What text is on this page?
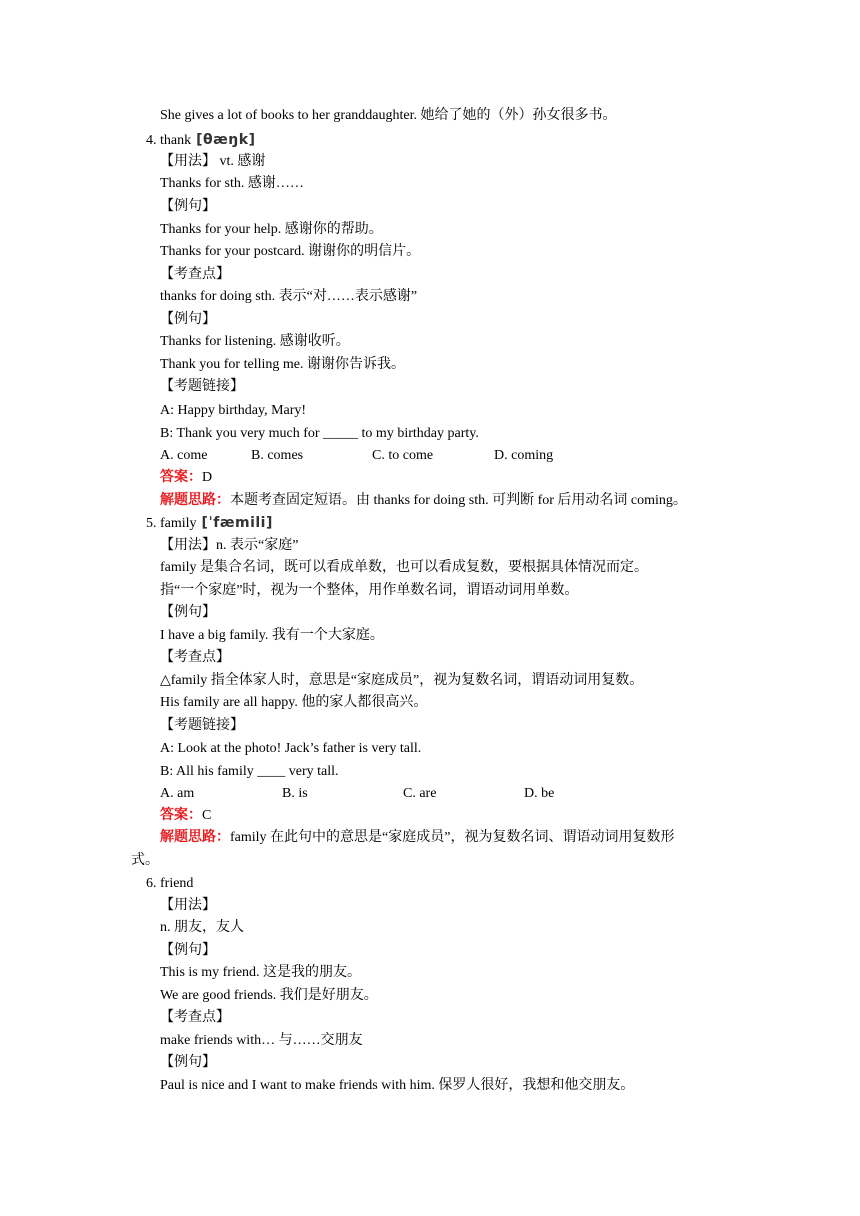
She gives a lot of books to her granddaughter. 她给了她的（外）孙女很多书。
4. thank [θæŋk]
【用法】 vt. 感谢
Thanks for sth. 感谢……
【例句】
Thanks for your help. 感谢你的帮助。
Thanks for your postcard. 谢谢你的明信片。
【考查点】
thanks for doing sth. 表示“对……表示感谢”
【例句】
Thanks for listening. 感谢收听。
Thank you for telling me. 谢谢你告诉我。
【考题链接】
A: Happy birthday, Mary!
B: Thank you very much for _____ to my birthday party.
A. come	B. comes	C. to come	D. coming
答案：D
解题思路：本题考查固定短语。由 thanks for doing sth. 可判断 for 后用动名词 coming。
5. family [ˈfæmili]
【用法】n. 表示“家庭”
family 是集合名词，既可以看成单数，也可以看成复数，要根据具体情况而定。
指“一个家庭”时，视为一个整体，用作单数名词，谓语动词用单数。
【例句】
I have a big family. 我有一个大家庭。
【考查点】
△family 指全体家人时，意思是“家庭成员”，视为复数名词，谓语动词用复数。
His family are all happy. 他的家人都很高兴。
【考题链接】
A: Look at the photo! Jack’s father is very tall.
B: All his family ____ very tall.
A. am	B. is	C. are	D. be
答案：C
解题思路：family 在此句中的意思是“家庭成员”，视为复数名词、谓语动词用复数形
式。
6. friend
【用法】
n. 朋友，友人
【例句】
This is my friend. 这是我的朋友。
We are good friends. 我们是好朋友。
【考查点】
make friends with… 与……交朋友
【例句】
Paul is nice and I want to make friends with him. 保罗人很好，我想和他交朋友。
